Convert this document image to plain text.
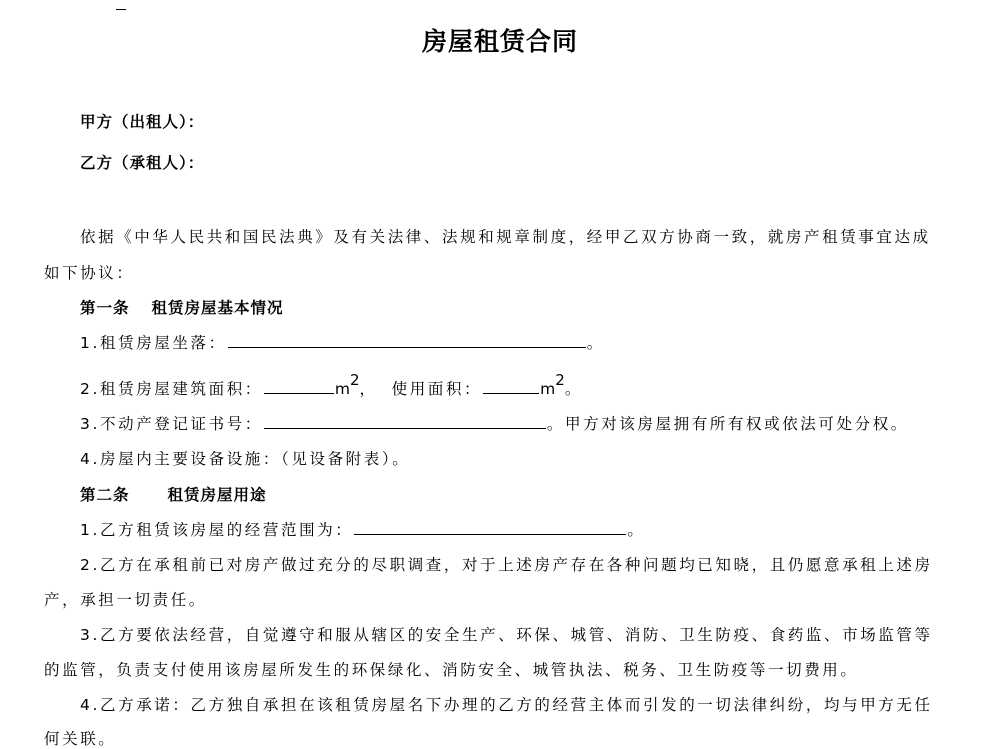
房屋租赁合同
甲方（出租人）：
乙方（承租人）：
依据《中华人民共和国民法典》及有关法律、法规和规章制度，经甲乙双方协商一致，就房产租赁事宜达成
如下协议：
第一条 租赁房屋基本情况
1.租赁房屋坐落：	。
2.租赁房屋建筑面积：	m2， 使用面积：	m2。
3.不动产登记证书号：	。甲方对该房屋拥有所有权或依法可处分权。
4.房屋内主要设备设施：（见设备附表）。
第二条 租赁房屋用途
1.乙方租赁该房屋的经营范围为：	。
2.乙方在承租前已对房产做过充分的尽职调查，对于上述房产存在各种问题均已知晓，且仍愿意承租上述房
产，承担一切责任。
3.乙方要依法经营，自觉遵守和服从辖区的安全生产、环保、城管、消防、卫生防疫、食药监、市场监管等
的监管，负责支付使用该房屋所发生的环保绿化、消防安全、城管执法、税务、卫生防疫等一切费用。
4.乙方承诺：乙方独自承担在该租赁房屋名下办理的乙方的经营主体而引发的一切法律纠纷，均与甲方无任
何关联。
